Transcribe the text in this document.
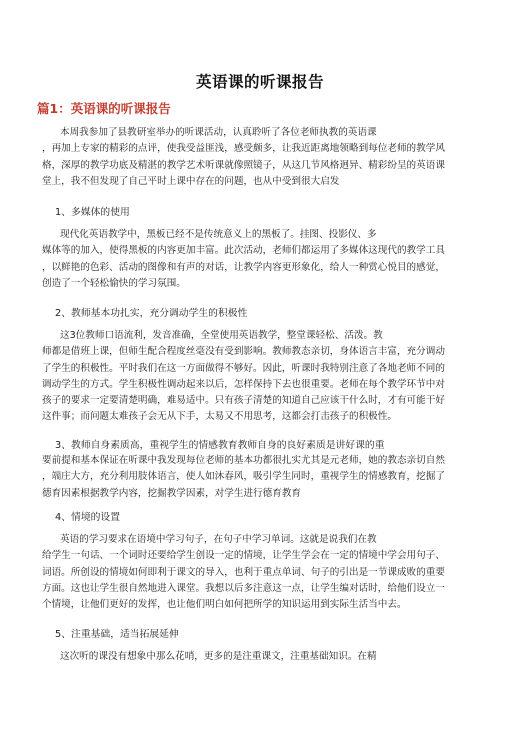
英语课的听课报告
篇1：英语课的听课报告
本周我参加了县教研室举办的听课活动，认真聆听了各位老师执教的英语课
，再加上专家的精彩的点评，使我受益匪浅，感受颇多，让我近距离地领略到每位老师的教学风
格，深厚的教学功底及精湛的教学艺术听课就像照镜子，从这几节风格迥异、精彩纷呈的英语课
堂上，我不但发现了自己平时上课中存在的问题，也从中受到很大启发
1、多媒体的使用
现代化英语教学中，黑板已经不是传统意义上的黑板了。挂图、投影仪、多
媒体等的加入，使得黑板的内容更加丰富。此次活动，老师们都运用了多媒体这现代的教学工具
，以鲜艳的色彩、活动的图像和有声的对话，让教学内容更形象化，给人一种赏心悦目的感觉，
创造了一个轻松愉快的学习氛围。
2、教师基本功扎实，充分调动学生的积极性
这3位教师口语流利，发音准确，全堂使用英语教学，整堂课轻松、活泼。教
师都是借班上课，但师生配合程度丝毫没有受到影响。教师教态亲切，身体语言丰富，充分调动
了学生的积极性。平时我们在这一方面做得不够好。因此，听课时我特别注意了各地老师不同的
调动学生的方式。学生积极性调动起来以后，怎样保持下去也很重要。老师在每个教学环节中对
孩子的要求一定要清楚明确，难易适中。只有孩子清楚的知道自己应该干什么时，才有可能干好
这件事；而问题太难孩子会无从下手，太易又不用思考，这都会打击孩子的积极性。
3、教师自身素质高，重视学生的情感教育教师自身的良好素质是讲好课的重
要前提和基本保证在听课中我发现每位老师的基本功都很扎实尤其是元老师，她的教态亲切自然
，端庄大方，充分利用肢体语言，使人如沐春风，吸引学生同时，重视学生的情感教育，挖掘了
德育因素根据教学内容，挖掘教学因素，对学生进行德育教育
4、情境的设置
英语的学习要求在语境中学习句子，在句子中学习单词。这就是说我们在教
给学生一句话、一个词时还要给学生创设一定的情境，让学生学会在一定的情境中学会用句子、
词语。所创设的情境如何即利于课文的导入，也利于重点单词、句子的引出是一节课成败的重要
方面。这也让学生很自然地进入课堂。我想以后多注意这一点，让学生编对话时，给他们设立一
个情境，让他们更好的发挥，也让他们明白如何把所学的知识运用到实际生活当中去。
5、注重基础，适当拓展延伸
这次听的课没有想象中那么花哨，更多的是注重课文，注重基础知识。在精
